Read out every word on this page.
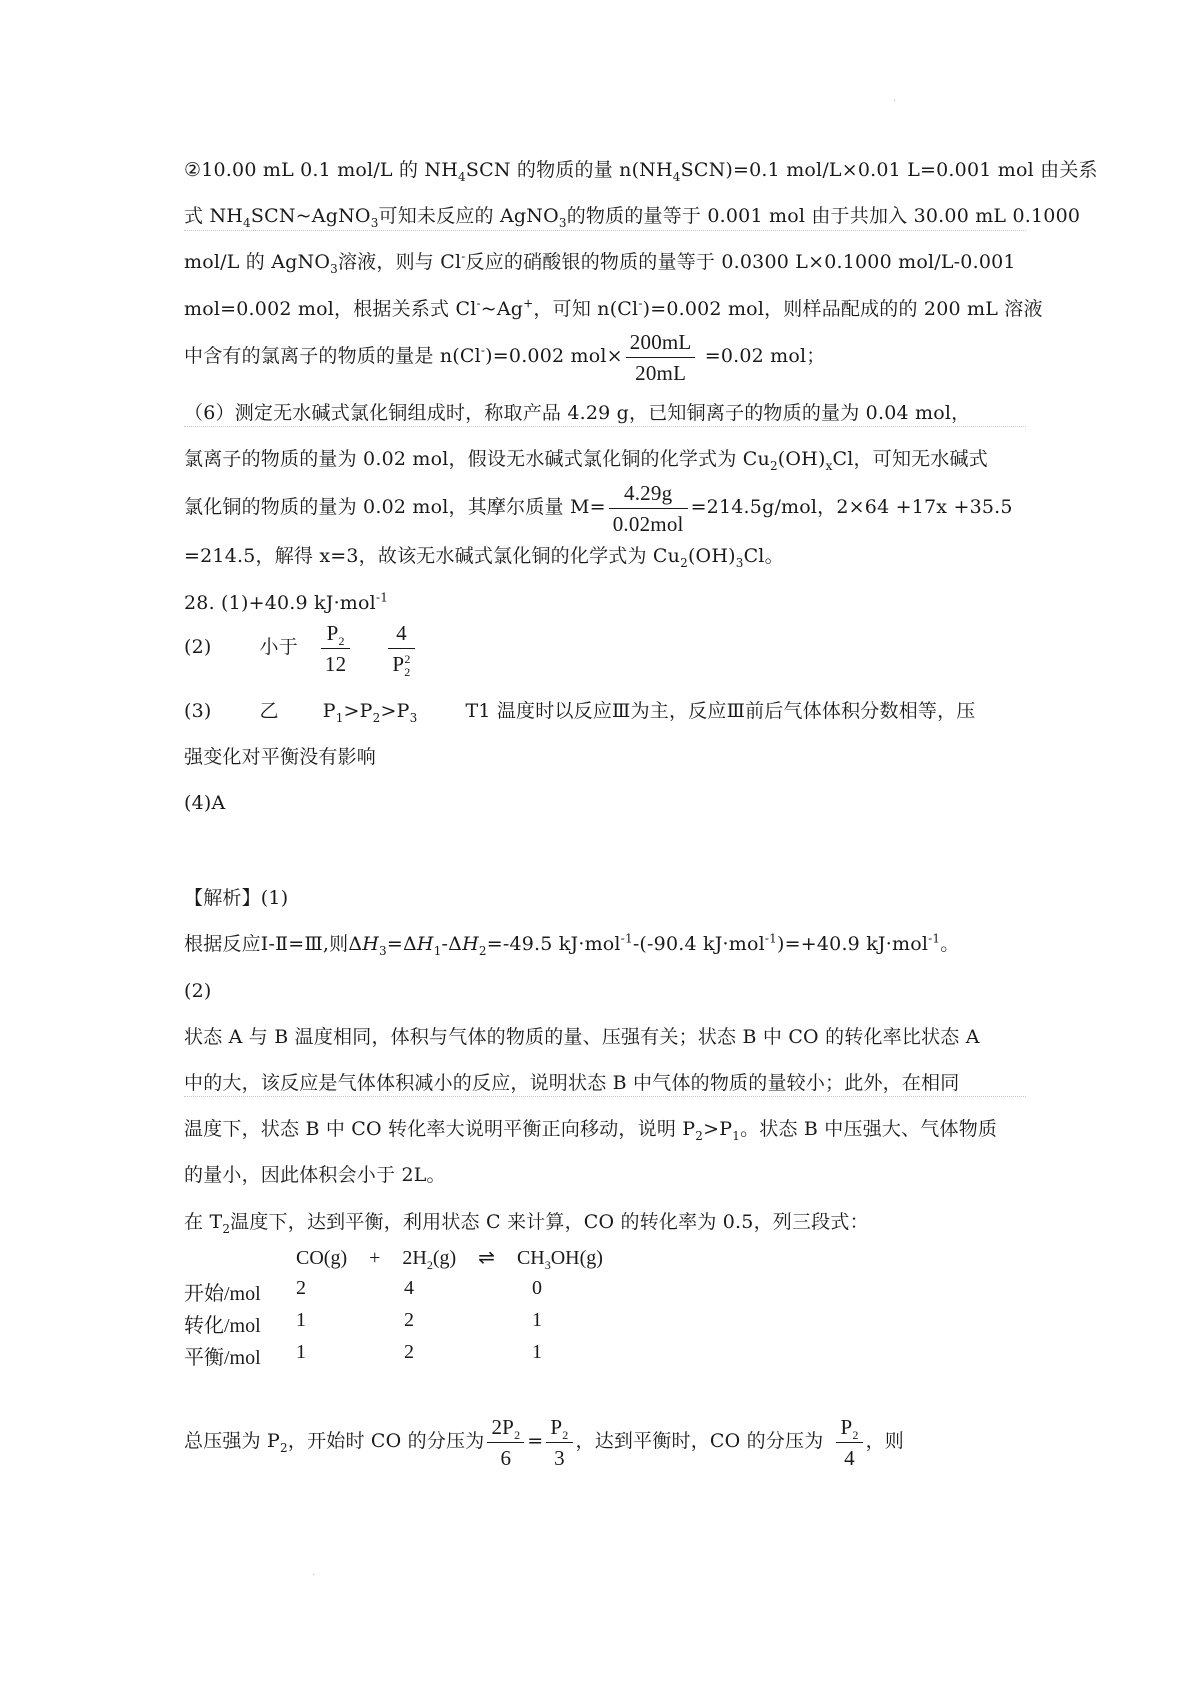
·
②10.00 mL 0.1 mol/L 的 $NH_4SCN$ 的物质的量 $n(NH_4SCN)=0.1$ mol/L×0.01 L=0.001 mol 由关系
式 $NH_4SCN\sim AgNO_3$可知未反应的 AgNO$_3$的物质的量等于 0.001 mol 由于共加入 30.00 mL 0.1000
mol/L 的 AgNO$_3$溶液，则与 Cl-反应的硝酸银的物质的量等于 0.0300 L×0.1000 mol/L-0.001
mol=0.002 mol，根据关系式 Cl-~Ag+，可知 n(Cl-)=0.002 mol，则样品配成的的 200 mL 溶液
中含有的氯离子的物质的量是 n(Cl-)=0.002 $mol\times \frac{200mL}{20mL} =0.02$ mol；
（6）测定无水碱式氯化铜组成时，称取产品 4.29 g，已知铜离子的物质的量为 0.04 mol，
氯离子的物质的量为 0.02 mol，假设无水碱式氯化铜的化学式为 $Cu_2(OH)_xCl$，可知无水碱式
氯化铜的物质的量为 0.02 mol，其摩尔质量 $M= \frac{4.29g}{\text{0.02mol}} =214.5g/mol$，2×64 +17x +35.5
=214.5，解得 x=3，故该无水碱式氯化铜的化学式为 $Cu_2(OH)_3Cl$。
28. (1)+40.9 kJ·mol$^{-1}$
(2)	小于 $\frac{P_2}{12} \frac{4}{P_2^2}$
(3)	乙 $P_1>P_2>P_3$	T1 温度时以反应Ⅲ为主，反应Ⅲ前后气体体积分数相等，压
强变化对平衡没有影响
(4)A
【解析】(1)
根据反应Ⅰ-Ⅱ=Ⅲ,则$\Delta H_3=\Delta H_1-\Delta H_2=-49.5$ kJ·mol$^{-1}$-(-90.4 kJ·mol$^{-1}$)=+40.9 kJ·mol$^{-1}$。
(2)
状态 A 与 B 温度相同，体积与气体的物质的量、压强有关；状态 B 中 CO 的转化率比状态 A
中的大，该反应是气体体积减小的反应，说明状态 B 中气体的物质的量较小；此外，在相同
温度下，状态 B 中 CO 转化率大说明平衡正向移动，说明 $P_2>P_1$。状态 B 中压强大、气体物质
的量小，因此体积会小于 2L。
在 $T_2$温度下，达到平衡，利用状态 C 来计算，CO 的转化率为 0.5，列三段式：
$CO(g) + 2H_2(g)$ ⇌ $CH_3OH(g)$
开始/mol 2	4	0
转化/mol 1	2	1
平衡/mol 1	2	1
总压强为 $P_2$，开始时 CO 的分压为 $\frac{2P_2}{6} = \frac{P_2}{3}$ ，达到平衡时，CO 的分压为 $\frac{P_2}{4}$ ，则
·
